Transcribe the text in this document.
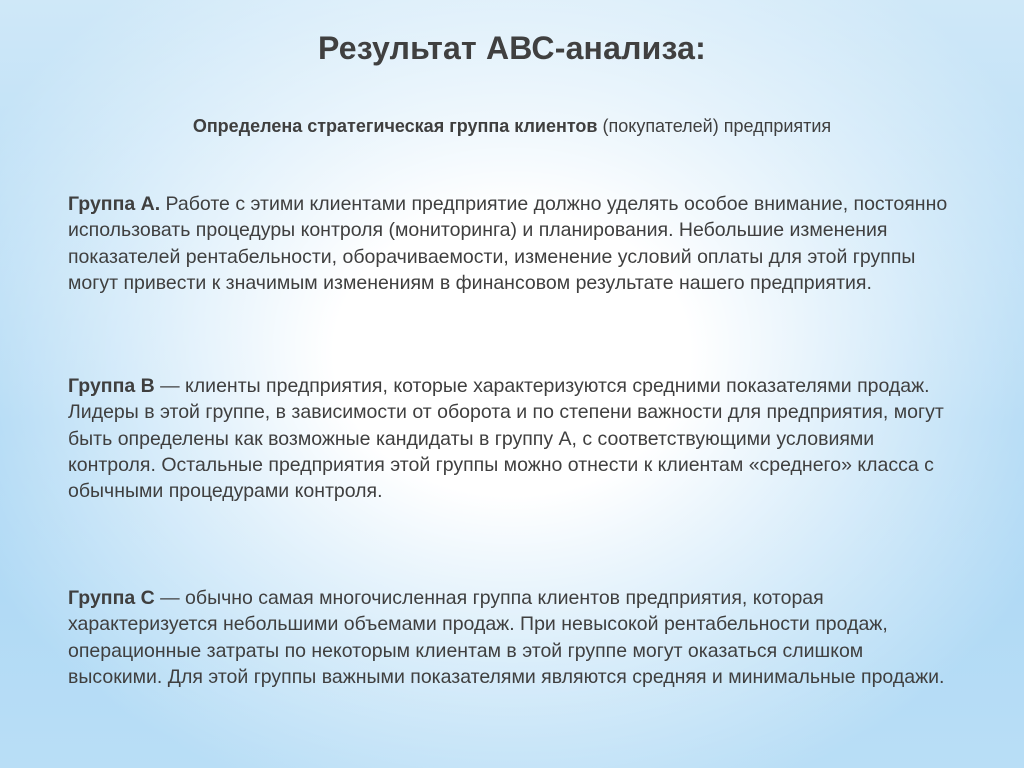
Результат АВС-анализа:
Определена стратегическая группа клиентов (покупателей) предприятия
Группа А. Работе с этими клиентами предприятие должно уделять особое внимание, постоянно использовать процедуры контроля (мониторинга) и планирования. Небольшие изменения показателей рентабельности, оборачиваемости, изменение условий оплаты для этой группы могут привести к значимым изменениям в финансовом результате нашего предприятия.
Группа В — клиенты предприятия, которые характеризуются средними показателями продаж. Лидеры в этой группе, в зависимости от оборота и по степени важности для предприятия, могут быть определены как возможные кандидаты в группу А, с соответствующими условиями контроля. Остальные предприятия этой группы можно отнести к клиентам «среднего» класса с обычными процедурами контроля.
Группа С — обычно самая многочисленная группа клиентов предприятия, которая характеризуется небольшими объемами продаж. При невысокой рентабельности продаж, операционные затраты по некоторым клиентам в этой группе могут оказаться слишком высокими. Для этой группы важными показателями являются средняя и минимальные продажи.
